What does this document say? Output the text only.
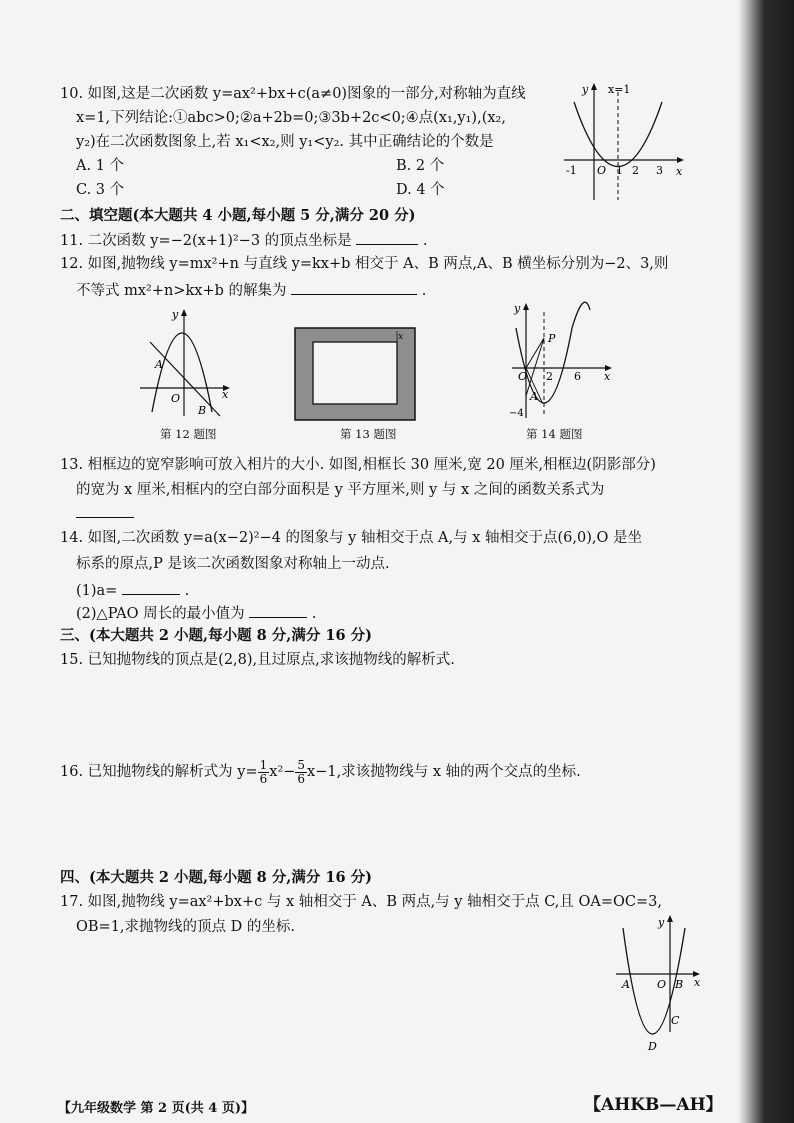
10. 如图,这是二次函数 y=ax²+bx+c(a≠0)图象的一部分,对称轴为直线
x=1,下列结论:①abc>0;②a+2b=0;③3b+2c<0;④点(x₁,y₁),(x₂,
y₂)在二次函数图象上,若 x₁<x₂,则 y₁<y₂. 其中正确结论的个数是
A. 1 个	B. 2 个
C. 3 个	D. 4 个
y x=1
x
-1 O 1 2 3
二、填空题(本大题共 4 小题,每小题 5 分,满分 20 分)
11. 二次函数 y=−2(x+1)²−3 的顶点坐标是	.
12. 如图,抛物线 y=mx²+n 与直线 y=kx+b 相交于 A、B 两点,A、B 横坐标分别为−2、3,则
不等式 mx²+n>kx+b 的解集为	.
y
A
O
B
x
第 12 题图
x
第 13 题图
y
P
O 2 6 x
A
−4
第 14 题图
13. 相框边的宽窄影响可放入相片的大小. 如图,相框长 30 厘米,宽 20 厘米,相框边(阴影部分)
的宽为 x 厘米,相框内的空白部分面积是 y 平方厘米,则 y 与 x 之间的函数关系式为
14. 如图,二次函数 y=a(x−2)²−4 的图象与 y 轴相交于点 A,与 x 轴相交于点(6,0),O 是坐
标系的原点,P 是该二次函数图象对称轴上一动点.
(1)a=	.
(2)△PAO 周长的最小值为	.
三、(本大题共 2 小题,每小题 8 分,满分 16 分)
15. 已知抛物线的顶点是(2,8),且过原点,求该抛物线的解析式.
16. 已知抛物线的解析式为 $y= \frac{1}{6} x^2- \frac{5}{6} x-1$,求该抛物线与 x 轴的两个交点的坐标.
四、(本大题共 2 小题,每小题 8 分,满分 16 分)
17. 如图,抛物线 y=ax²+bx+c 与 x 轴相交于 A、B 两点,与 y 轴相交于点 C,且 OA=OC=3,
OB=1,求抛物线的顶点 D 的坐标.	y
A O B x
C
D
【九年级数学 第 2 页(共 4 页)】	【AHKB—AH】
